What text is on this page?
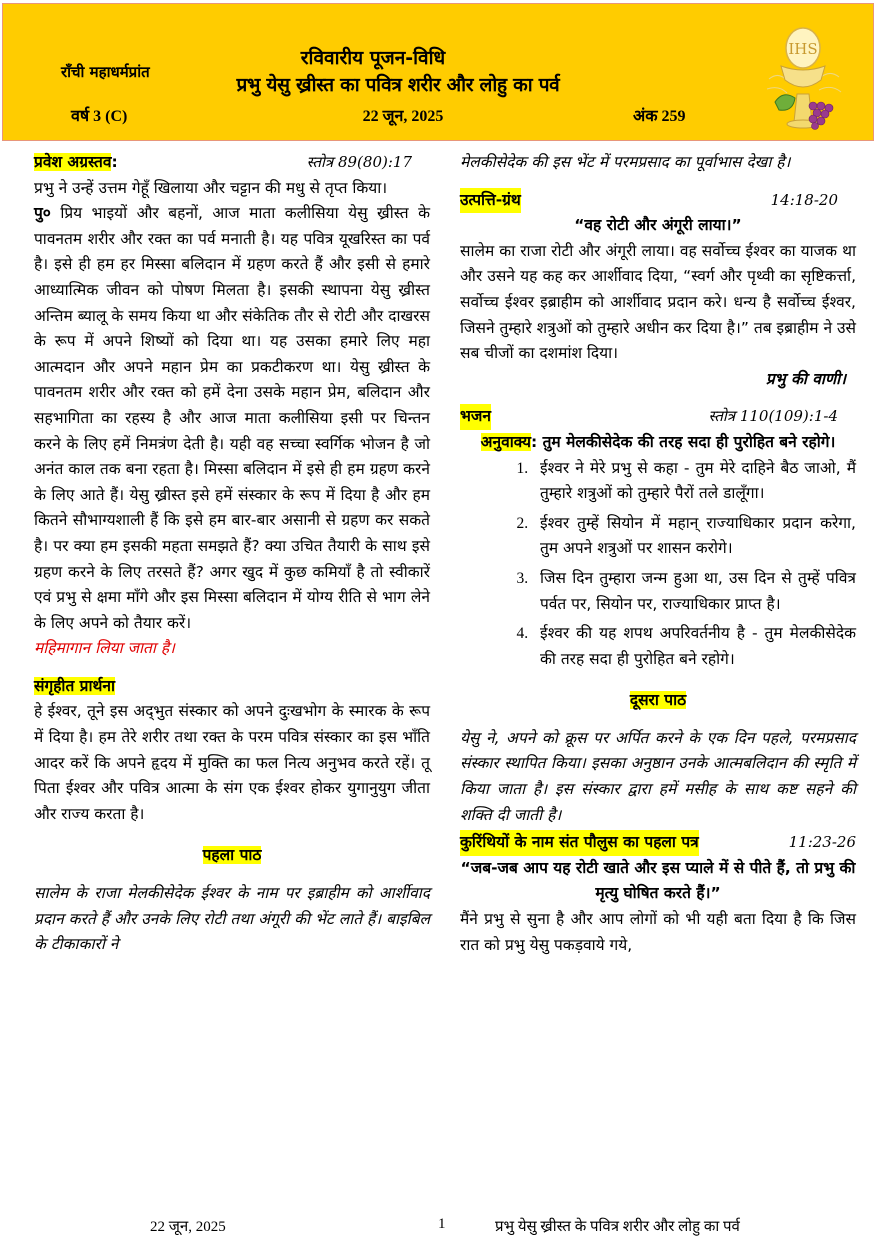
राँची महाधर्मप्रांत
रविवारीय पूजन-विधि
प्रभु येसु ख्रीस्त का पवित्र शरीर और लोहु का पर्व
वर्ष 3 (C)	22 जून, 2025	अंक 259
IHS
प्रवेश अग्रस्तव:	स्तोत्र 89(80):17
प्रभु ने उन्हें उत्तम गेहूँ खिलाया और चट्टान की मधु से तृप्त किया।
पु० प्रिय भाइयों और बहनों, आज माता कलीसिया येसु ख्रीस्त के पावनतम शरीर और रक्त का पर्व मनाती है। यह पवित्र यूखरिस्त का पर्व है। इसे ही हम हर मिस्सा बलिदान में ग्रहण करते हैं और इसी से हमारे आध्यात्मिक जीवन को पोषण मिलता है। इसकी स्थापना येसु ख्रीस्त अन्तिम ब्यालू के समय किया था और संकेतिक तौर से रोटी और दाखरस के रूप में अपने शिष्यों को दिया था। यह उसका हमारे लिए महा आत्मदान और अपने महान प्रेम का प्रकटीकरण था। येसु ख्रीस्त के पावनतम शरीर और रक्त को हमें देना उसके महान प्रेम, बलिदान और सहभागिता का रहस्य है और आज माता कलीसिया इसी पर चिन्तन करने के लिए हमें निमत्रंण देती है। यही वह सच्चा स्वर्गिक भोजन है जो अनंत काल तक बना रहता है। मिस्सा बलिदान में इसे ही हम ग्रहण करने के लिए आते हैं। येसु ख्रीस्त इसे हमें संस्कार के रूप में दिया है और हम कितने सौभाग्यशाली हैं कि इसे हम बार-बार असानी से ग्रहण कर सकते है। पर क्या हम इसकी महता समझते हैं? क्या उचित तैयारी के साथ इसे ग्रहण करने के लिए तरसते हैं? अगर खुद में कुछ कमियाँ है तो स्वीकारें एवं प्रभु से क्षमा माँगे और इस मिस्सा बलिदान में योग्य रीति से भाग लेने के लिए अपने को तैयार करें।
महिमागान लिया जाता है।
संगृहीत प्रार्थना
हे ईश्वर, तूने इस अद्‌भुत संस्कार को अपने दुःखभोग के स्मारक के रूप में दिया है। हम तेरे शरीर तथा रक्त के परम पवित्र संस्कार का इस भाँति आदर करें कि अपने हृदय में मुक्ति का फल नित्य अनुभव करते रहें। तू पिता ईश्वर और पवित्र आत्मा के संग एक ईश्वर होकर युगानुयुग जीता और राज्य करता है।
पहला पाठ
सालेम के राजा मेलकीसेदेक ईश्वर के नाम पर इब्राहीम को आर्शीवाद प्रदान करते हैं और उनके लिए रोटी तथा अंगूरी की भेंट लाते हैं। बाइबिल के टीकाकारों ने
मेलकीसेदेक की इस भेंट में परमप्रसाद का पूर्वाभास देखा है।
उत्पत्ति-ग्रंथ	14:18-20
“वह रोटी और अंगूरी लाया।”
सालेम का राजा रोटी और अंगूरी लाया। वह सर्वोच्च ईश्वर का याजक था और उसने यह कह कर आर्शीवाद दिया, “स्वर्ग और पृथ्वी का सृष्टिकर्त्ता, सर्वोच्च ईश्वर इब्राहीम को आर्शीवाद प्रदान करे। धन्य है सर्वोच्च ईश्वर, जिसने तुम्हारे शत्रुओं को तुम्हारे अधीन कर दिया है।” तब इब्राहीम ने उसे सब चीजों का दशमांश दिया।
प्रभु की वाणी।
भजन	स्तोत्र 110(109):1-4
अनुवाक्य: तुम मेलकीसेदेक की तरह सदा ही पुरोहित बने रहोगे।
1. ईश्वर ने मेरे प्रभु से कहा - तुम मेरे दाहिने बैठ जाओ, मैं तुम्हारे शत्रुओं को तुम्हारे पैरों तले डालूँगा।
2. ईश्वर तुम्हें सियोन में महान्‌ राज्याधिकार प्रदान करेगा, तुम अपने शत्रुओं पर शासन करोगे।
3. जिस दिन तुम्हारा जन्म हुआ था, उस दिन से तुम्हें पवित्र पर्वत पर, सियोन पर, राज्याधिकार प्राप्त है।
4. ईश्वर की यह शपथ अपरिवर्तनीय है - तुम मेलकीसेदेक की तरह सदा ही पुरोहित बने रहोगे।
दूसरा पाठ
येसु ने, अपने को क्रूस पर अर्पित करने के एक दिन पहले, परमप्रसाद संस्कार स्थापित किया। इसका अनुष्ठान उनके आत्मबलिदान की स्मृति में किया जाता है। इस संस्कार द्वारा हमें मसीह के साथ कष्ट सहने की शक्ति दी जाती है।
कुरिंथियों के नाम संत पौलुस का पहला पत्र	11:23-26
“जब-जब आप यह रोटी खाते और इस प्याले में से पीते हैं, तो प्रभु की मृत्यु घोषित करते हैं।”
मैंने प्रभु से सुना है और आप लोगों को भी यही बता दिया है कि जिस रात को प्रभु येसु पकड़वाये गये,
22 जून, 2025	1	प्रभु येसु ख्रीस्त के पवित्र शरीर और लोहु का पर्व
